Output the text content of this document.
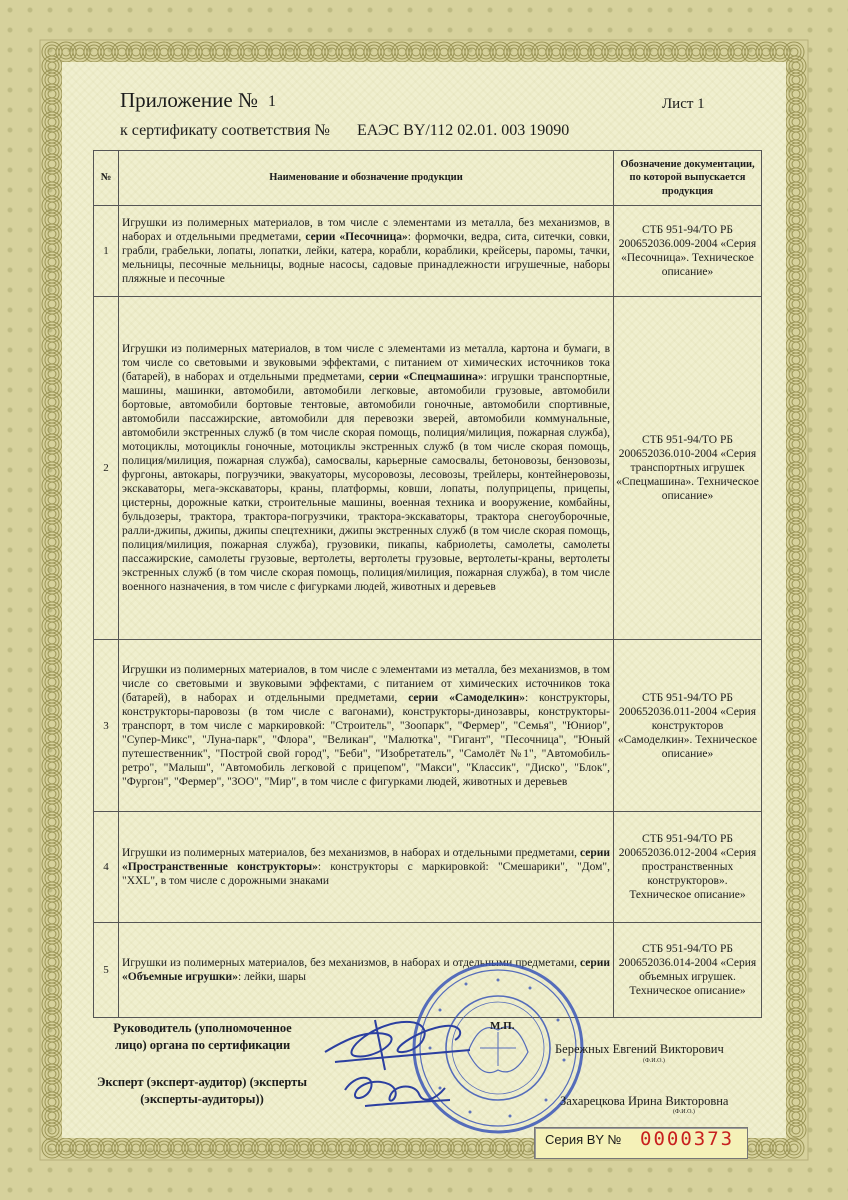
Приложение № 1	Лист 1
к сертификату соответствия № ЕАЭС BY/112 02.01. 003 19090
№	Наименование и обозначение продукции	Обозначение документации, по которой выпускается продукция
1	Игрушки из полимерных материалов, в том числе с элементами из металла, без механизмов, в наборах и отдельными предметами, серии «Песочница»: формочки, ведра, сита, ситечки, совки, грабли, грабельки, лопаты, лопатки, лейки, катера, корабли, кораблики, крейсеры, паромы, тачки, мельницы, песочные мельницы, водные насосы, садовые принадлежности игрушечные, наборы пляжные и песочные	СТБ 951-94/ТО РБ 200652036.009-2004 «Серия «Песочница». Техническое описание»
2	Игрушки из полимерных материалов, в том числе с элементами из металла, картона и бумаги, в том числе со световыми и звуковыми эффектами, с питанием от химических источников тока (батарей), в наборах и отдельными предметами, серии «Спецмашина»: игрушки транспортные, машины, машинки, автомобили, автомобили легковые, автомобили грузовые, автомобили бортовые, автомобили бортовые тентовые, автомобили гоночные, автомобили спортивные, автомобили пассажирские, автомобили для перевозки зверей, автомобили коммунальные, автомобили экстренных служб (в том числе скорая помощь, полиция/милиция, пожарная служба), мотоциклы, мотоциклы гоночные, мотоциклы экстренных служб (в том числе скорая помощь, полиция/милиция, пожарная служба), самосвалы, карьерные самосвалы, бетоновозы, бензовозы, фургоны, автокары, погрузчики, эвакуаторы, мусоровозы, лесовозы, трейлеры, контейнеровозы, экскаваторы, мега-экскаваторы, краны, платформы, ковши, лопаты, полуприцепы, прицепы, цистерны, дорожные катки, строительные машины, военная техника и вооружение, комбайны, бульдозеры, трактора, трактора-погрузчики, трактора-экскаваторы, трактора снегоуборочные, ралли-джипы, джипы, джипы спецтехники, джипы экстренных служб (в том числе скорая помощь, полиция/милиция, пожарная служба), грузовики, пикапы, кабриолеты, самолеты, самолеты пассажирские, самолеты грузовые, вертолеты, вертолеты грузовые, вертолеты-краны, вертолеты экстренных служб (в том числе скорая помощь, полиция/милиция, пожарная служба), в том числе военного назначения, в том числе с фигурками людей, животных и деревьев	СТБ 951-94/ТО РБ 200652036.010-2004 «Серия транспортных игрушек «Спецмашина». Техническое описание»
3	Игрушки из полимерных материалов, в том числе с элементами из металла, без механизмов, в том числе со световыми и звуковыми эффектами, с питанием от химических источников тока (батарей), в наборах и отдельными предметами, серии «Самоделкин»: конструкторы, конструкторы-паровозы (в том числе с вагонами), конструкторы-динозавры, конструкторы-транспорт, в том числе с маркировкой: "Строитель", "Зоопарк", "Фермер", "Семья", "Юниор", "Супер-Микс", "Луна-парк", "Флора", "Великан", "Малютка", "Гигант", "Песочница", "Юный путешественник", "Построй свой город", "Беби", "Изобретатель", "Самолёт №1", "Автомобиль-ретро", "Малыш", "Автомобиль легковой с прицепом", "Макси", "Классик", "Диско", "Блок", "Фургон", "Фермер", "ЗОО", "Мир", в том числе с фигурками людей, животных и деревьев	СТБ 951-94/ТО РБ 200652036.011-2004 «Серия конструкторов «Самоделкин». Техническое описание»
4	Игрушки из полимерных материалов, без механизмов, в наборах и отдельными предметами, серии «Пространственные конструкторы»: конструкторы с маркировкой: "Смешарики", "Дом", "XXL", в том числе с дорожными знаками	СТБ 951-94/ТО РБ 200652036.012-2004 «Серия пространственных конструкторов». Техническое описание»
5	Игрушки из полимерных материалов, без механизмов, в наборах и отдельными предметами, серии «Объемные игрушки»: лейки, шары	СТБ 951-94/ТО РБ 200652036.014-2004 «Серия объемных игрушек. Техническое описание»
Руководитель (уполномоченное лицо) органа по сертификации
Эксперт (эксперт-аудитор) (эксперты (эксперты-аудиторы))
М.П.
Бережных Евгений Викторович
(Ф.И.О.)
Захарецкова Ирина Викторовна
(Ф.И.О.)
Серия BY № 0000373
